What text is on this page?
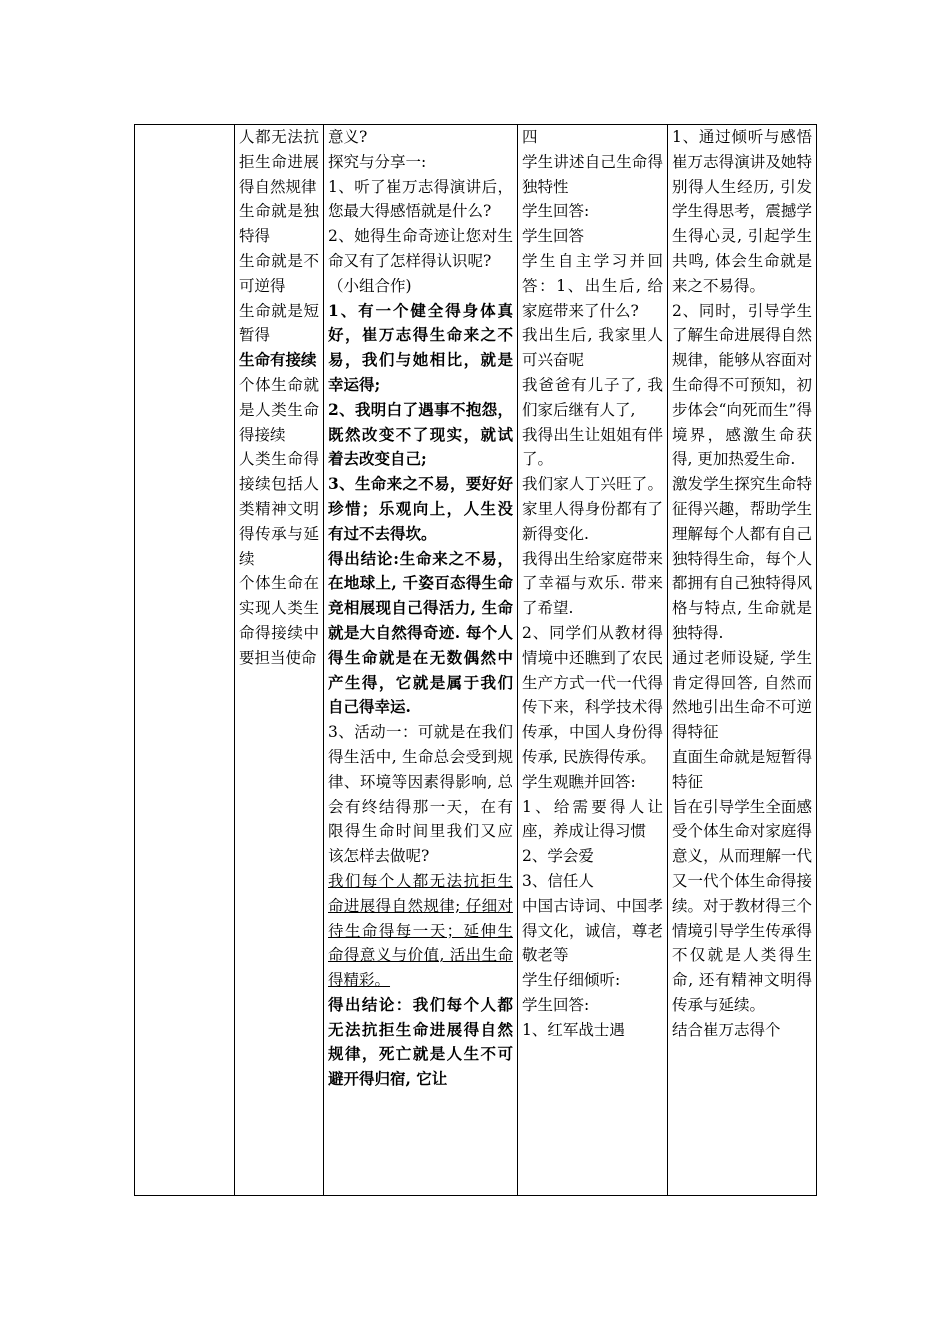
人都无法抗拒生命进展得自然规律
生命就是独特得
生命就是不可逆得
生命就是短暂得
生命有接续
个体生命就是人类生命得接续
人类生命得接续包括人类精神文明得传承与延续
个体生命在实现人类生命得接续中要担当使命

意义?
探究与分享一:
1、听了崔万志得演讲后，您最大得感悟就是什么?
2、她得生命奇迹让您对生命又有了怎样得认识呢?
（小组合作)
1、有一个健全得身体真好，崔万志得生命来之不易，我们与她相比，就是幸运得;
2、我明白了遇事不抱怨，既然改变不了现实，就试着去改变自己;
3、生命来之不易，要好好珍惜；乐观向上，人生没有过不去得坎。
得出结论:生命来之不易，在地球上, 千姿百态得生命竞相展现自己得活力, 生命就是大自然得奇迹. 每个人得生命就是在无数偶然中产生得，它就是属于我们自己得幸运.
3、活动一：可就是在我们得生活中, 生命总会受到规律、环境等因素得影响, 总会有终结得那一天，在有限得生命时间里我们又应该怎样去做呢?
我们每个人都无法抗拒生命进展得自然规律; 仔细对待生命得每一天；延伸生命得意义与价值, 活出生命得精彩。
得出结论：我们每个人都无法抗拒生命进展得自然规律，死亡就是人生不可避开得归宿, 它让

四
学生讲述自己生命得独特性
学生回答:
学生回答
学生自主学习并回答：1、出生后, 给家庭带来了什么?
我出生后, 我家里人可兴奋呢
我爸爸有儿子了, 我们家后继有人了,
我得出生让姐姐有伴了。
我们家人丁兴旺了。家里人得身份都有了新得变化.
我得出生给家庭带来了幸福与欢乐. 带来了希望.
2、同学们从教材得情境中还瞧到了农民生产方式一代一代得传下来，科学技术得传承，中国人身份得传承, 民族得传承。
学生观瞧并回答:
1、给需要得人让座，养成让得习惯
2、学会爱
3、信任人
中国古诗词、中国孝得文化，诚信，尊老敬老等
学生仔细倾听:
学生回答:
1、红军战士遇

1、通过倾听与感悟崔万志得演讲及她特别得人生经历, 引发学生得思考，震撼学生得心灵, 引起学生共鸣, 体会生命就是来之不易得。
2、同时，引导学生了解生命进展得自然规律，能够从容面对生命得不可预知，初步体会“向死而生”得境界，感激生命获得, 更加热爱生命.
激发学生探究生命特征得兴趣，帮助学生理解每个人都有自己独特得生命，每个人都拥有自己独特得风格与特点, 生命就是独特得.
通过老师设疑, 学生肯定得回答, 自然而然地引出生命不可逆得特征
直面生命就是短暂得特征
旨在引导学生全面感受个体生命对家庭得意义，从而理解一代又一代个体生命得接续。对于教材得三个情境引导学生传承得不仅就是人类得生命, 还有精神文明得传承与延续。
结合崔万志得个
